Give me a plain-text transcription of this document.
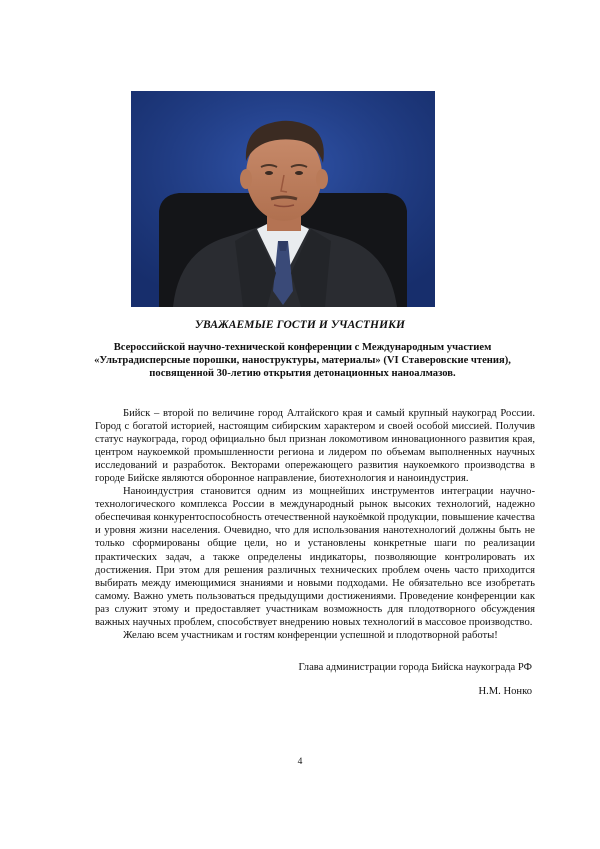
УВАЖАЕМЫЕ ГОСТИ И УЧАСТНИКИ
Всероссийской научно-технической конференции с Международным участием
«Ультрадисперсные порошки, наноструктуры, материалы» (VI Ставеровские чтения),
посвященной 30-летию открытия детонационных наноалмазов.

Бийск – второй по величине город Алтайского края и самый крупный наукоград России. Город с богатой историей, настоящим сибирским характером и своей особой миссией. Получив статус наукограда, город официально был признан локомотивом инновационного развития края, центром наукоемкой промышленности региона и лидером по объемам выполненных научных исследований и разработок. Векторами опережающего развития наукоемкого производства в городе Бийске являются оборонное направление, биотехнология и наноиндустрия.

Наноиндустрия становится одним из мощнейших инструментов интеграции научно-технологического комплекса России в международный рынок высоких технологий, надежно обеспечивая конкурентоспособность отечественной наукоёмкой продукции, повышение качества и уровня жизни населения. Очевидно, что для использования нанотехнологий должны быть не только сформированы общие цели, но и установлены конкретные шаги по реализации практических задач, а также определены индикаторы, позволяющие контролировать их достижения. При этом для решения различных технических проблем очень часто приходится выбирать между имеющимися знаниями и новыми подходами. Не обязательно все изобретать самому. Важно уметь пользоваться предыдущими достижениями. Проведение конференции как раз служит этому и предоставляет участникам возможность для плодотворного обсуждения важных научных проблем, способствует внедрению новых технологий в массовое производство.

Желаю всем участникам и гостям конференции успешной и плодотворной работы!

Глава администрации города Бийска наукограда РФ
Н.М. Нонко
4
